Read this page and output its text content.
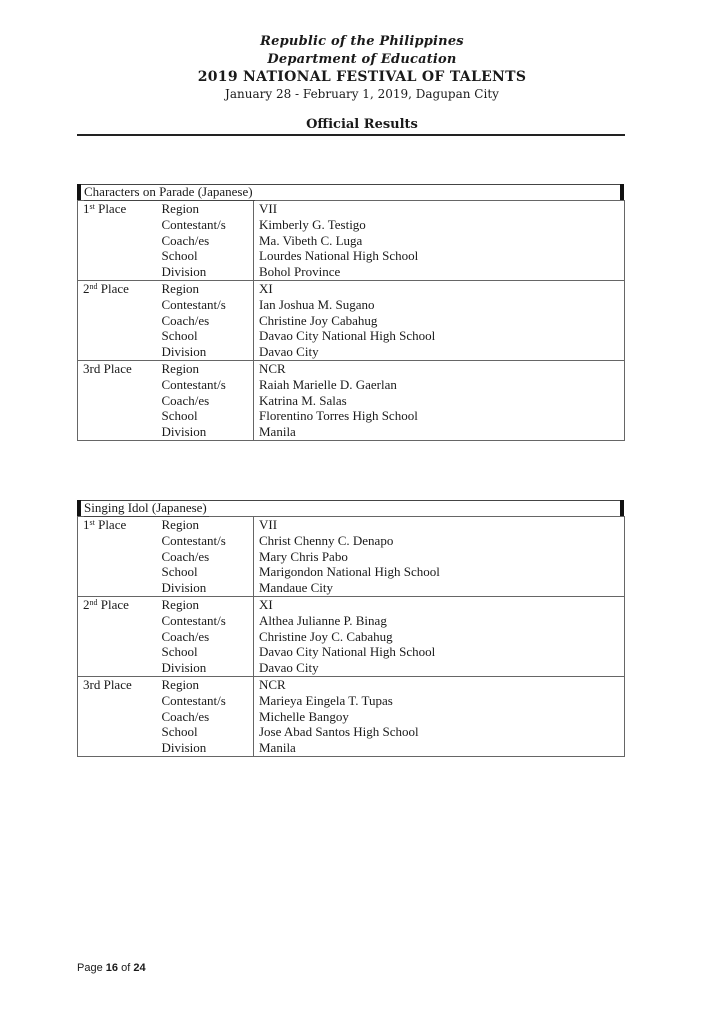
Republic of the Philippines
Department of Education
2019 NATIONAL FESTIVAL OF TALENTS
January 28 - February 1, 2019, Dagupan City
Official Results
Characters on Parade (Japanese)
1st Place	Region	VII
	Contestant/s	Kimberly G. Testigo
	Coach/es	Ma. Vibeth C. Luga
	School	Lourdes National High School
	Division	Bohol Province
2nd Place	Region	XI
	Contestant/s	Ian Joshua M. Sugano
	Coach/es	Christine Joy Cabahug
	School	Davao City National High School
	Division	Davao City
3rd Place	Region	NCR
	Contestant/s	Raiah Marielle D. Gaerlan
	Coach/es	Katrina M. Salas
	School	Florentino Torres High School
	Division	Manila
Singing Idol (Japanese)
1st Place	Region	VII
	Contestant/s	Christ Chenny C. Denapo
	Coach/es	Mary Chris Pabo
	School	Marigondon National High School
	Division	Mandaue City
2nd Place	Region	XI
	Contestant/s	Althea Julianne P. Binag
	Coach/es	Christine Joy C. Cabahug
	School	Davao City National High School
	Division	Davao City
3rd Place	Region	NCR
	Contestant/s	Marieya Eingela T. Tupas
	Coach/es	Michelle Bangoy
	School	Jose Abad Santos High School
	Division	Manila
Page 16 of 24
